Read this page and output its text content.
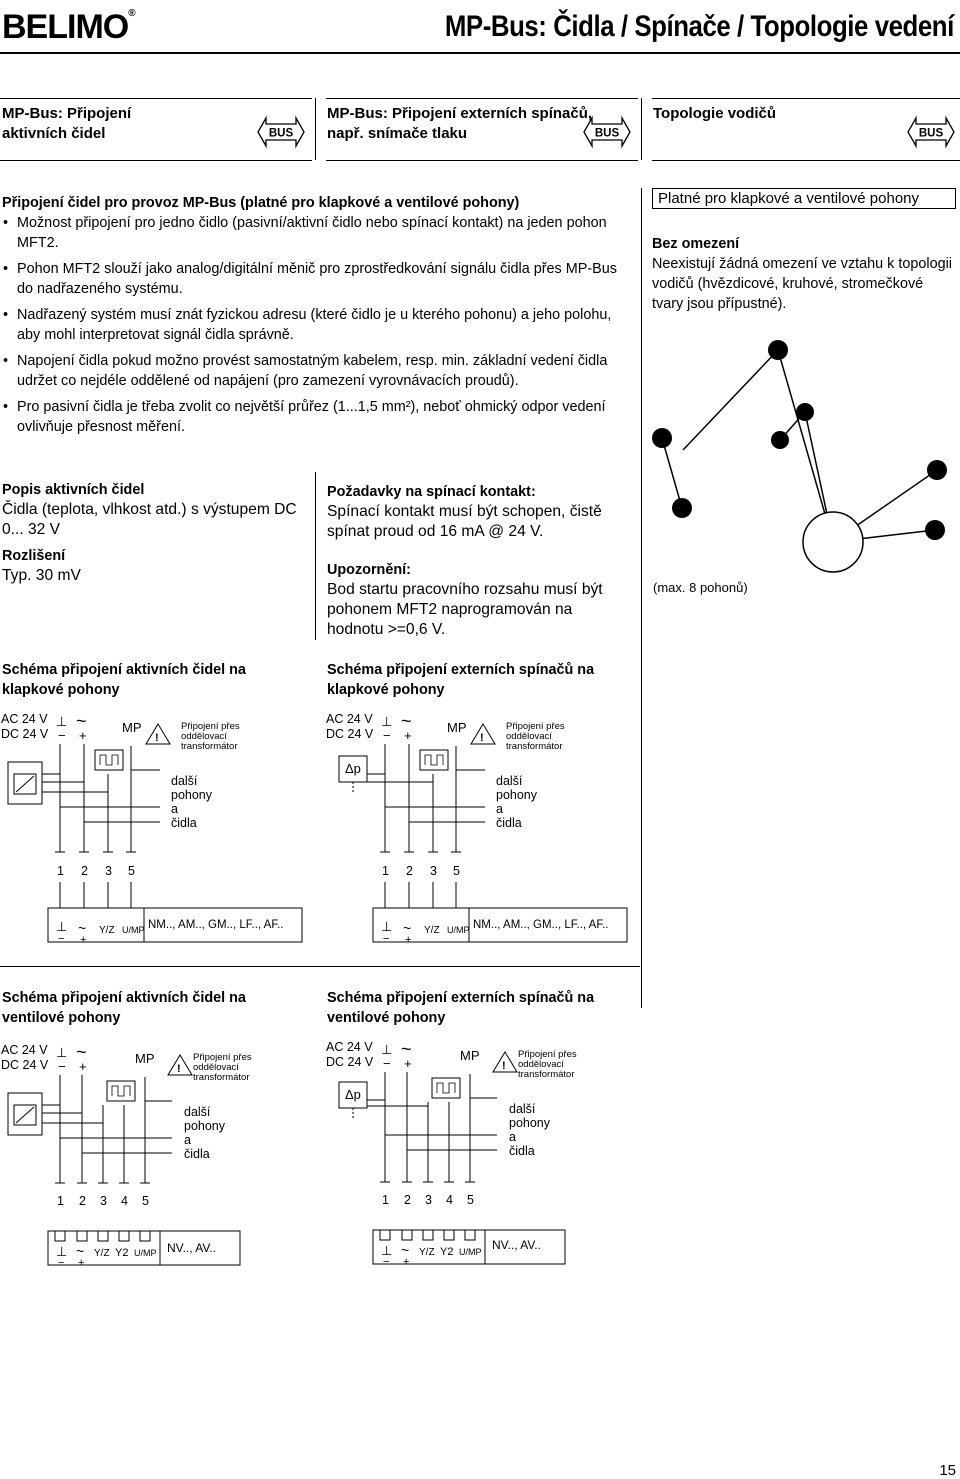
BELIMO®	MP-Bus: Čidla / Spínače / Topologie vedení
MP-Bus: Připojení
aktivních čidel
MP-Bus: Připojení externích spínačů,
např. snímače tlaku
Topologie vodičů
BUS	BUS	BUS
Připojení čidel pro provoz MP-Bus (platné pro klapkové a ventilové pohony)
• Možnost připojení pro jedno čidlo (pasivní/aktivní čidlo nebo spínací kontakt) na jeden pohon MFT2.
• Pohon MFT2 slouží jako analog/digitální měnič pro zprostředkování signálu čidla přes MP-Bus do nadřazeného systému.
• Nadřazený systém musí znát fyzickou adresu (které čidlo je u kterého pohonu) a jeho polohu, aby mohl interpretovat signál čidla správně.
• Napojení čidla pokud možno provést samostatným kabelem, resp. min. základní vedení čidla udržet co nejdéle oddělené od napájení (pro zamezení vyrovnávacích proudů).
• Pro pasivní čidla je třeba zvolit co největší průřez (1...1,5 mm²), neboť ohmický odpor vedení ovlivňuje přesnost měření.
Platné pro klapkové a ventilové pohony
Bez omezení
Neexistují žádná omezení ve vztahu k topologii vodičů (hvězdicové, kruhové, stromečkové tvary jsou přípustné).
(max. 8 pohonů)
Popis aktivních čidel
Čidla (teplota, vlhkost atd.) s výstupem DC 0... 32 V
Rozlišení
Typ. 30 mV
Požadavky na spínací kontakt:
Spínací kontakt musí být schopen, čistě spínat proud od 16 mA @ 24 V.
Upozornění:
Bod startu pracovního rozsahu musí být pohonem MFT2 naprogramován na hodnotu >=0,6 V.
Schéma připojení aktivních čidel na klapkové pohony
Schéma připojení externích spínačů na klapkové pohony
Schéma připojení aktivních čidel na ventilové pohony
Schéma připojení externích spínačů na ventilové pohony
AC 24 V
DC 24 V	MP	Připojení přes oddělovací transformátor
další
pohony
a
čidla
1 2 3 5
NM.., AM.., GM.., LF.., AF..
⊥ ~
− +	!
⊥
−
~
+
Y/Z U/MP
AC 24 V
DC 24 V	MP	Připojení přes oddělovací transformátor
Δp
další
pohony
a
čidla
1 2 3 5
NM.., AM.., GM.., LF.., AF..
⊥ ~
− +	!
⊥
−
~
+
Y/Z U/MP
AC 24 V
DC 24 V	MP	Připojení přes oddělovací transformátor
další
pohony
a
čidla
1 2 3 4 5
NV.., AV..
⊥ ~
− +	!
⊥
−
~
+
Y/Z Y2 U/MP
AC 24 V
DC 24 V	MP	Připojení přes oddělovací transformátor
Δp
další
pohony
a
čidla
1 2 3 4 5
NV.., AV..
⊥ ~
− +	!
⊥
−
~
+
Y/Z Y2 U/MP
15
